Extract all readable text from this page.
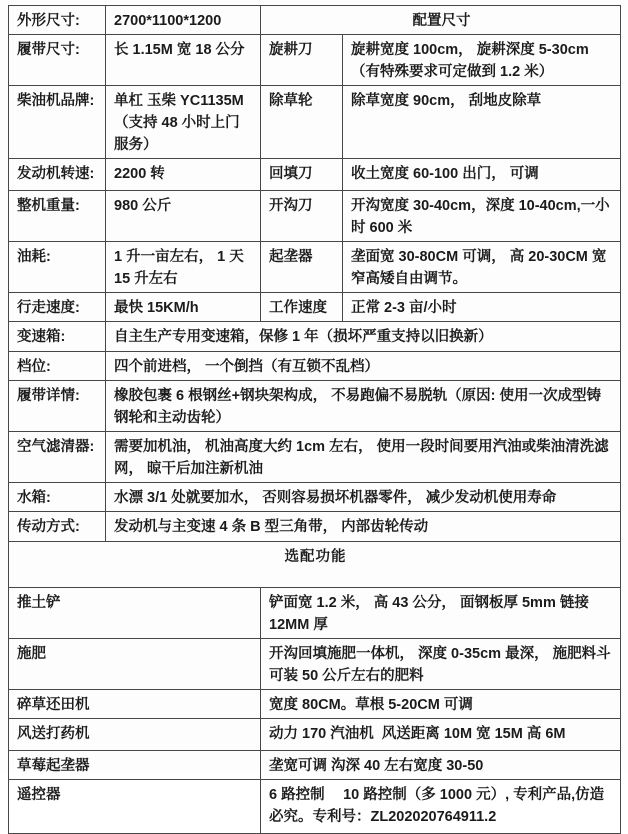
外形尺寸:	2700*1100*1200	配置尺寸	
履带尺寸:	长 1.15M 宽 18 公分	旋耕刀	旋耕宽度 100cm， 旋耕深度 5-30cm（有特殊要求可定做到 1.2 米）
柴油机品牌:	单杠 玉柴 YC1135M （支持 48 小时上门服务）	除草轮	除草宽度 90cm， 刮地皮除草
发动机转速:	2200 转	回填刀	收土宽度 60-100 出门， 可调
整机重量:	980 公斤	开沟刀	开沟宽度 30-40cm，深度 10-40cm,一小时 600 米
油耗:	1 升一亩左右， 1 天 15 升左右	起垄器	垄面宽 30-80CM 可调， 高 20-30CM 宽窄高矮自由调节。
行走速度:	最快 15KM/h	工作速度	正常 2-3 亩/小时
变速箱:	自主生产专用变速箱，保修 1 年（损坏严重支持以旧换新）		
档位:	四个前进档， 一个倒挡（有互锁不乱档）		
履带详情:	橡胶包裹 6 根钢丝+钢块架构成， 不易跑偏不易脱轨（原因: 使用一次成型铸钢轮和主动齿轮）		
空气滤清器:	需要加机油， 机油高度大约 1cm 左右， 使用一段时间要用汽油或柴油清洗滤网， 晾干后加注新机油		
水箱:	水漂 3/1 处就要加水， 否则容易损坏机器零件， 减少发动机使用寿命		
传动方式:	发动机与主变速 4 条 B 型三角带， 内部齿轮传动		
选配功能			
推土铲		铲面宽 1.2 米， 高 43 公分， 面钢板厚 5mm 链接 12MM 厚	
施肥		开沟回填施肥一体机， 深度 0-35cm 最深， 施肥料斗可装 50 公斤左右的肥料	
碎草还田机		宽度 80CM。草根 5-20CM 可调	
风送打药机		动力 170 汽油机  风送距离 10M 宽 15M 高 6M	
草莓起垄器		垄宽可调 沟深 40 左右宽度 30-50	
遥控器		6 路控制　 10 路控制（多 1000 元）, 专利产品,仿造必究。专利号：ZL202020764911.2	
